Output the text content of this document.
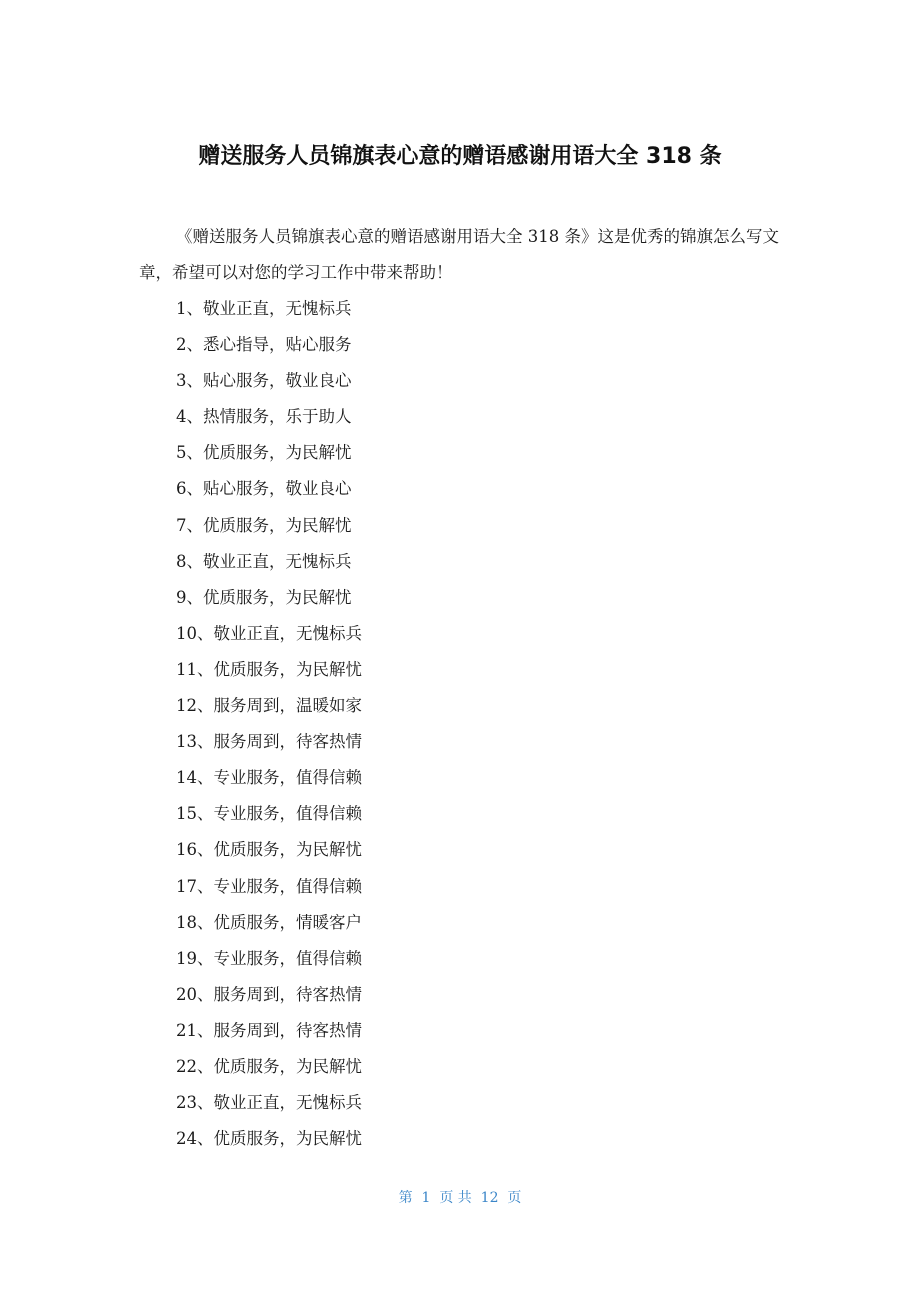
赠送服务人员锦旗表心意的赠语感谢用语大全 318 条

《赠送服务人员锦旗表心意的赠语感谢用语大全 318 条》这是优秀的锦旗怎么写文章，希望可以对您的学习工作中带来帮助！

1、敬业正直，无愧标兵
2、悉心指导，贴心服务
3、贴心服务，敬业良心
4、热情服务，乐于助人
5、优质服务，为民解忧
6、贴心服务，敬业良心
7、优质服务，为民解忧
8、敬业正直，无愧标兵
9、优质服务，为民解忧
10、敬业正直，无愧标兵
11、优质服务，为民解忧
12、服务周到，温暖如家
13、服务周到，待客热情
14、专业服务，值得信赖
15、专业服务，值得信赖
16、优质服务，为民解忧
17、专业服务，值得信赖
18、优质服务，情暖客户
19、专业服务，值得信赖
20、服务周到，待客热情
21、服务周到，待客热情
22、优质服务，为民解忧
23、敬业正直，无愧标兵
24、优质服务，为民解忧
第  1  页 共  12  页
